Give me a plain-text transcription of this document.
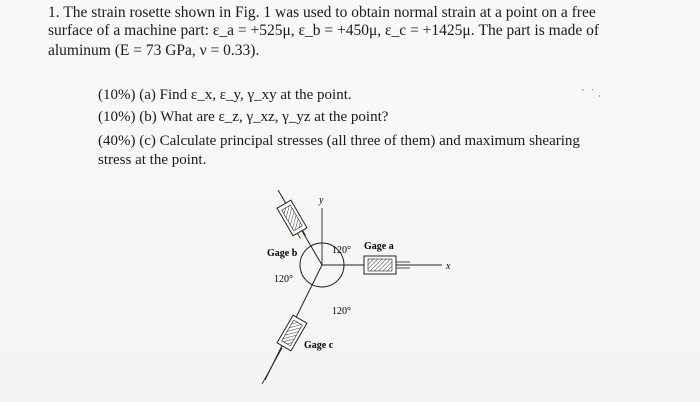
1. The strain rosette shown in Fig. 1 was used to obtain normal strain at a point on a free
surface of a machine part: ε_a = +525μ, ε_b = +450μ, ε_c = +1425μ. The part is made of
aluminum (E = 73 GPa, ν = 0.33).
(10%) (a) Find ε_x, ε_y, γ_xy at the point.
(10%) (b) What are ε_z, γ_xz, γ_yz at the point?
(40%) (c) Calculate principal stresses (all three of them) and maximum shearing
stress at the point.
· ˙ ·
y
x
Gage b
Gage a
Gage c
120°
120°
120°
